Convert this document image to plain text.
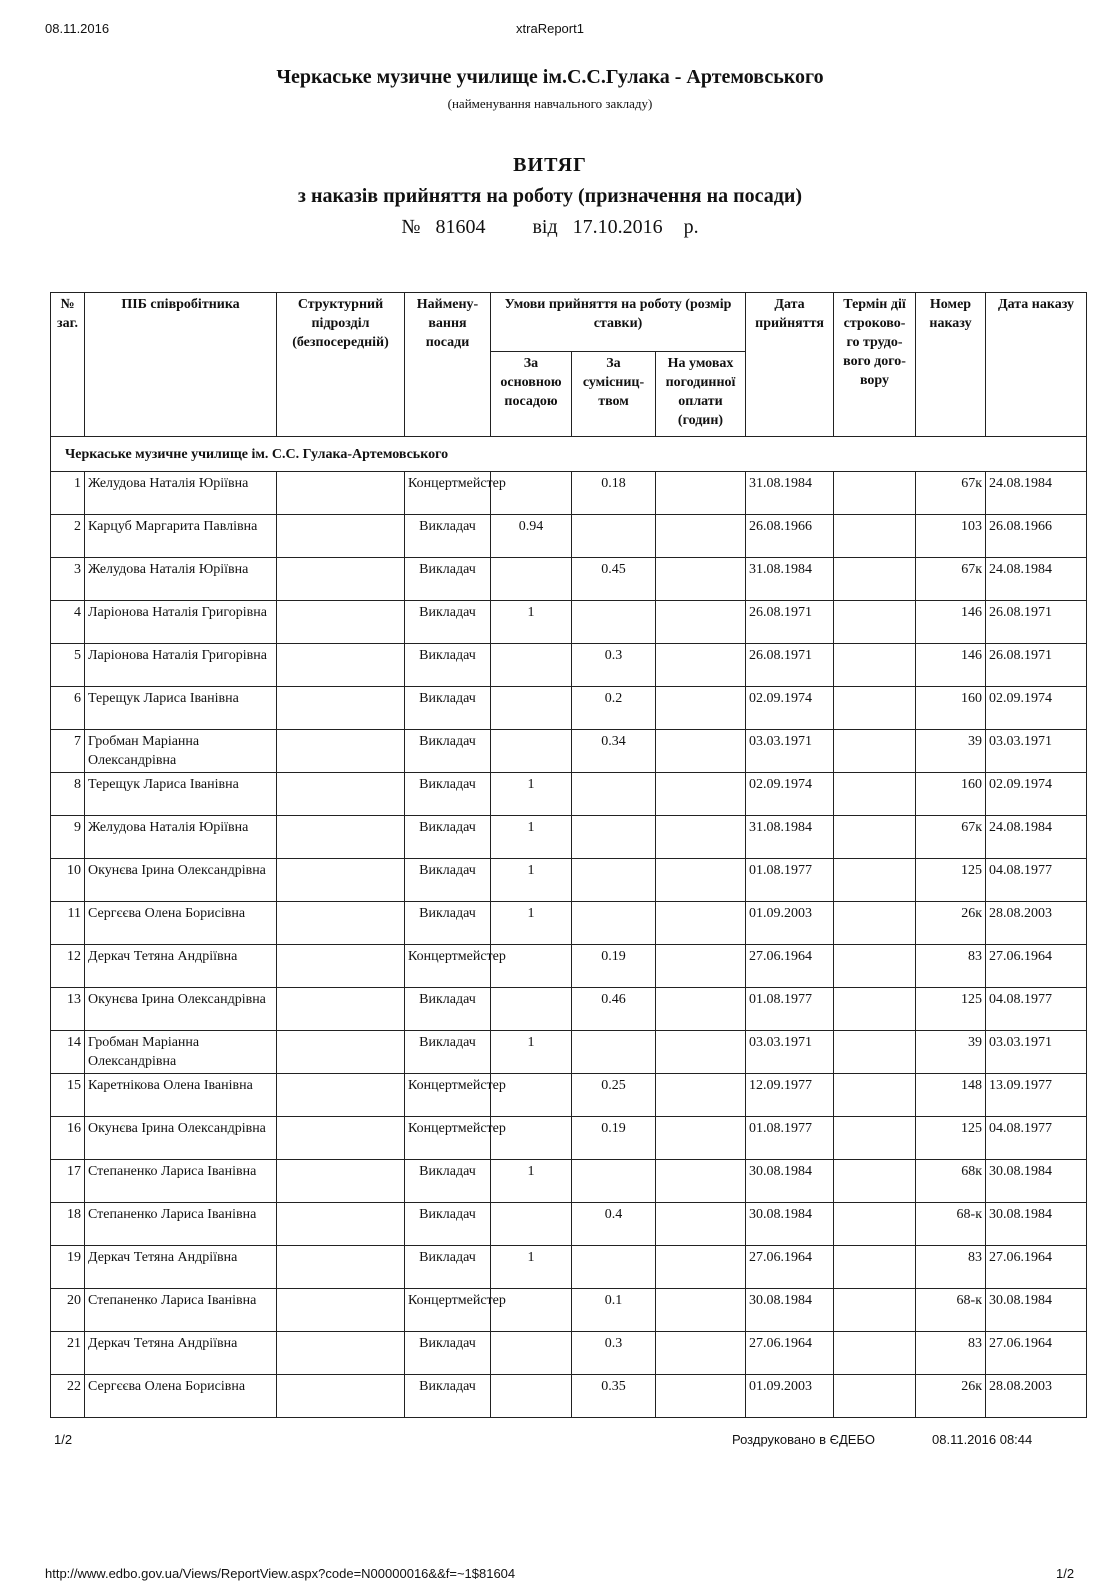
08.11.2016	xtraReport1
Черкаське музичне училище ім.С.С.Гулака - Артемовського
(найменування навчального закладу)
ВИТЯГ
з наказів прийняття на роботу (призначення на посади)
№ 81604 від 17.10.2016 р.
№ заг.	ПІБ співробітника	Структурний підрозділ (безпосередній)	Наймену- вання посади	Умови прийняття на роботу (розмір ставки)			Дата прийняття	Термін дії строково- го трудо- вого дого- вору	Номер наказу	Дата наказу
				За основною посадою	За сумісниц- твом	На умовах погодинної оплати (годин)				
Черкаське музичне училище ім. С.С. Гулака-Артемовського										
1	Желудова Наталія Юріївна		Концертмейстер		0.18		31.08.1984		67к	24.08.1984
2	Карцуб Маргарита Павлівна		Викладач	0.94			26.08.1966		103	26.08.1966
3	Желудова Наталія Юріївна		Викладач		0.45		31.08.1984		67к	24.08.1984
4	Ларіонова Наталія Григорівна		Викладач	1			26.08.1971		146	26.08.1971
5	Ларіонова Наталія Григорівна		Викладач		0.3		26.08.1971		146	26.08.1971
6	Терещук Лариса Іванівна		Викладач		0.2		02.09.1974		160	02.09.1974
7	Гробман Маріанна Олександрівна		Викладач		0.34		03.03.1971		39	03.03.1971
8	Терещук Лариса Іванівна		Викладач	1			02.09.1974		160	02.09.1974
9	Желудова Наталія Юріївна		Викладач	1			31.08.1984		67к	24.08.1984
10	Окунєва Ірина Олександрівна		Викладач	1			01.08.1977		125	04.08.1977
11	Сергєєва Олена Борисівна		Викладач	1			01.09.2003		26к	28.08.2003
12	Деркач Тетяна Андріївна		Концертмейстер		0.19		27.06.1964		83	27.06.1964
13	Окунєва Ірина Олександрівна		Викладач		0.46		01.08.1977		125	04.08.1977
14	Гробман Маріанна Олександрівна		Викладач	1			03.03.1971		39	03.03.1971
15	Каретнікова Олена Іванівна		Концертмейстер		0.25		12.09.1977		148	13.09.1977
16	Окунєва Ірина Олександрівна		Концертмейстер		0.19		01.08.1977		125	04.08.1977
17	Степаненко Лариса Іванівна		Викладач	1			30.08.1984		68к	30.08.1984
18	Степаненко Лариса Іванівна		Викладач		0.4		30.08.1984		68-к	30.08.1984
19	Деркач Тетяна Андріївна		Викладач	1			27.06.1964		83	27.06.1964
20	Степаненко Лариса Іванівна		Концертмейстер		0.1		30.08.1984		68-к	30.08.1984
21	Деркач Тетяна Андріївна		Викладач		0.3		27.06.1964		83	27.06.1964
22	Сергєєва Олена Борисівна		Викладач		0.35		01.09.2003		26к	28.08.2003
1/2	Роздруковано в ЄДЕБО	08.11.2016 08:44
http://www.edbo.gov.ua/Views/ReportView.aspx?code=N00000016&&f=~1$81604	1/2
